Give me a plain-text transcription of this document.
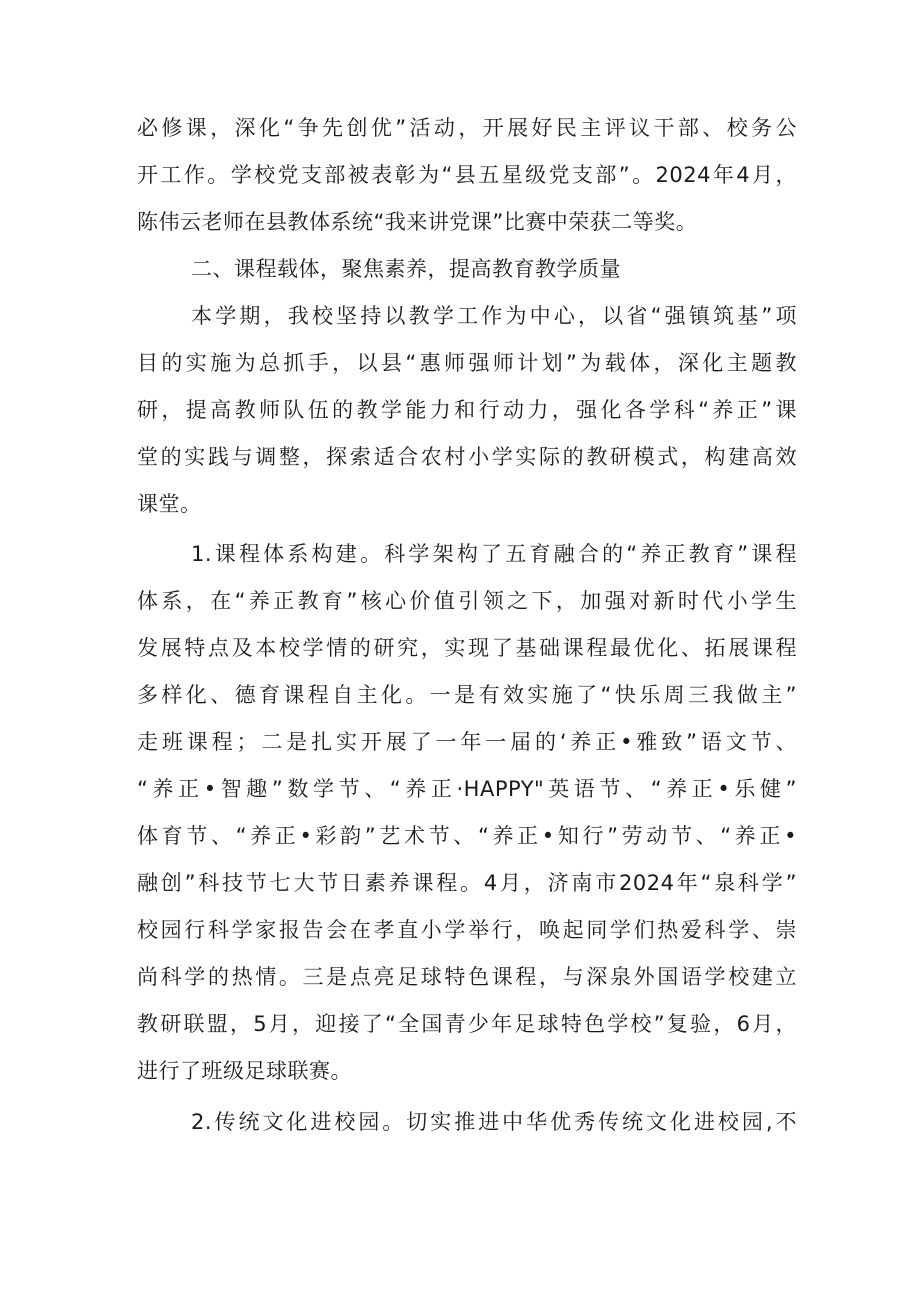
必修课，深化“争先创优”活动，开展好民主评议干部、校务公
开工作。学校党支部被表彰为“县五星级党支部”。2024年4月，
陈伟云老师在县教体系统“我来讲党课”比赛中荣获二等奖。
二、课程载体，聚焦素养，提高教育教学质量
本学期，我校坚持以教学工作为中心，以省“强镇筑基”项
目的实施为总抓手，以县“惠师强师计划”为载体，深化主题教
研，提高教师队伍的教学能力和行动力，强化各学科“养正”课
堂的实践与调整，探索适合农村小学实际的教研模式，构建高效
课堂。
1.课程体系构建。科学架构了五育融合的“养正教育”课程
体系，在“养正教育”核心价值引领之下，加强对新时代小学生
发展特点及本校学情的研究，实现了基础课程最优化、拓展课程
多样化、德育课程自主化。一是有效实施了“快乐周三我做主”
走班课程；二是扎实开展了一年一届的‘养正•雅致”语文节、
“养正•智趣”数学节、“养正·HAPPY"英语节、“养正•乐健”
体育节、“养正•彩韵”艺术节、“养正•知行”劳动节、“养正•
融创”科技节七大节日素养课程。4月，济南市2024年“泉科学”
校园行科学家报告会在孝直小学举行，唤起同学们热爱科学、崇
尚科学的热情。三是点亮足球特色课程，与深泉外国语学校建立
教研联盟，5月，迎接了“全国青少年足球特色学校”复验，6月，
进行了班级足球联赛。
2.传统文化进校园。切实推进中华优秀传统文化进校园,不
